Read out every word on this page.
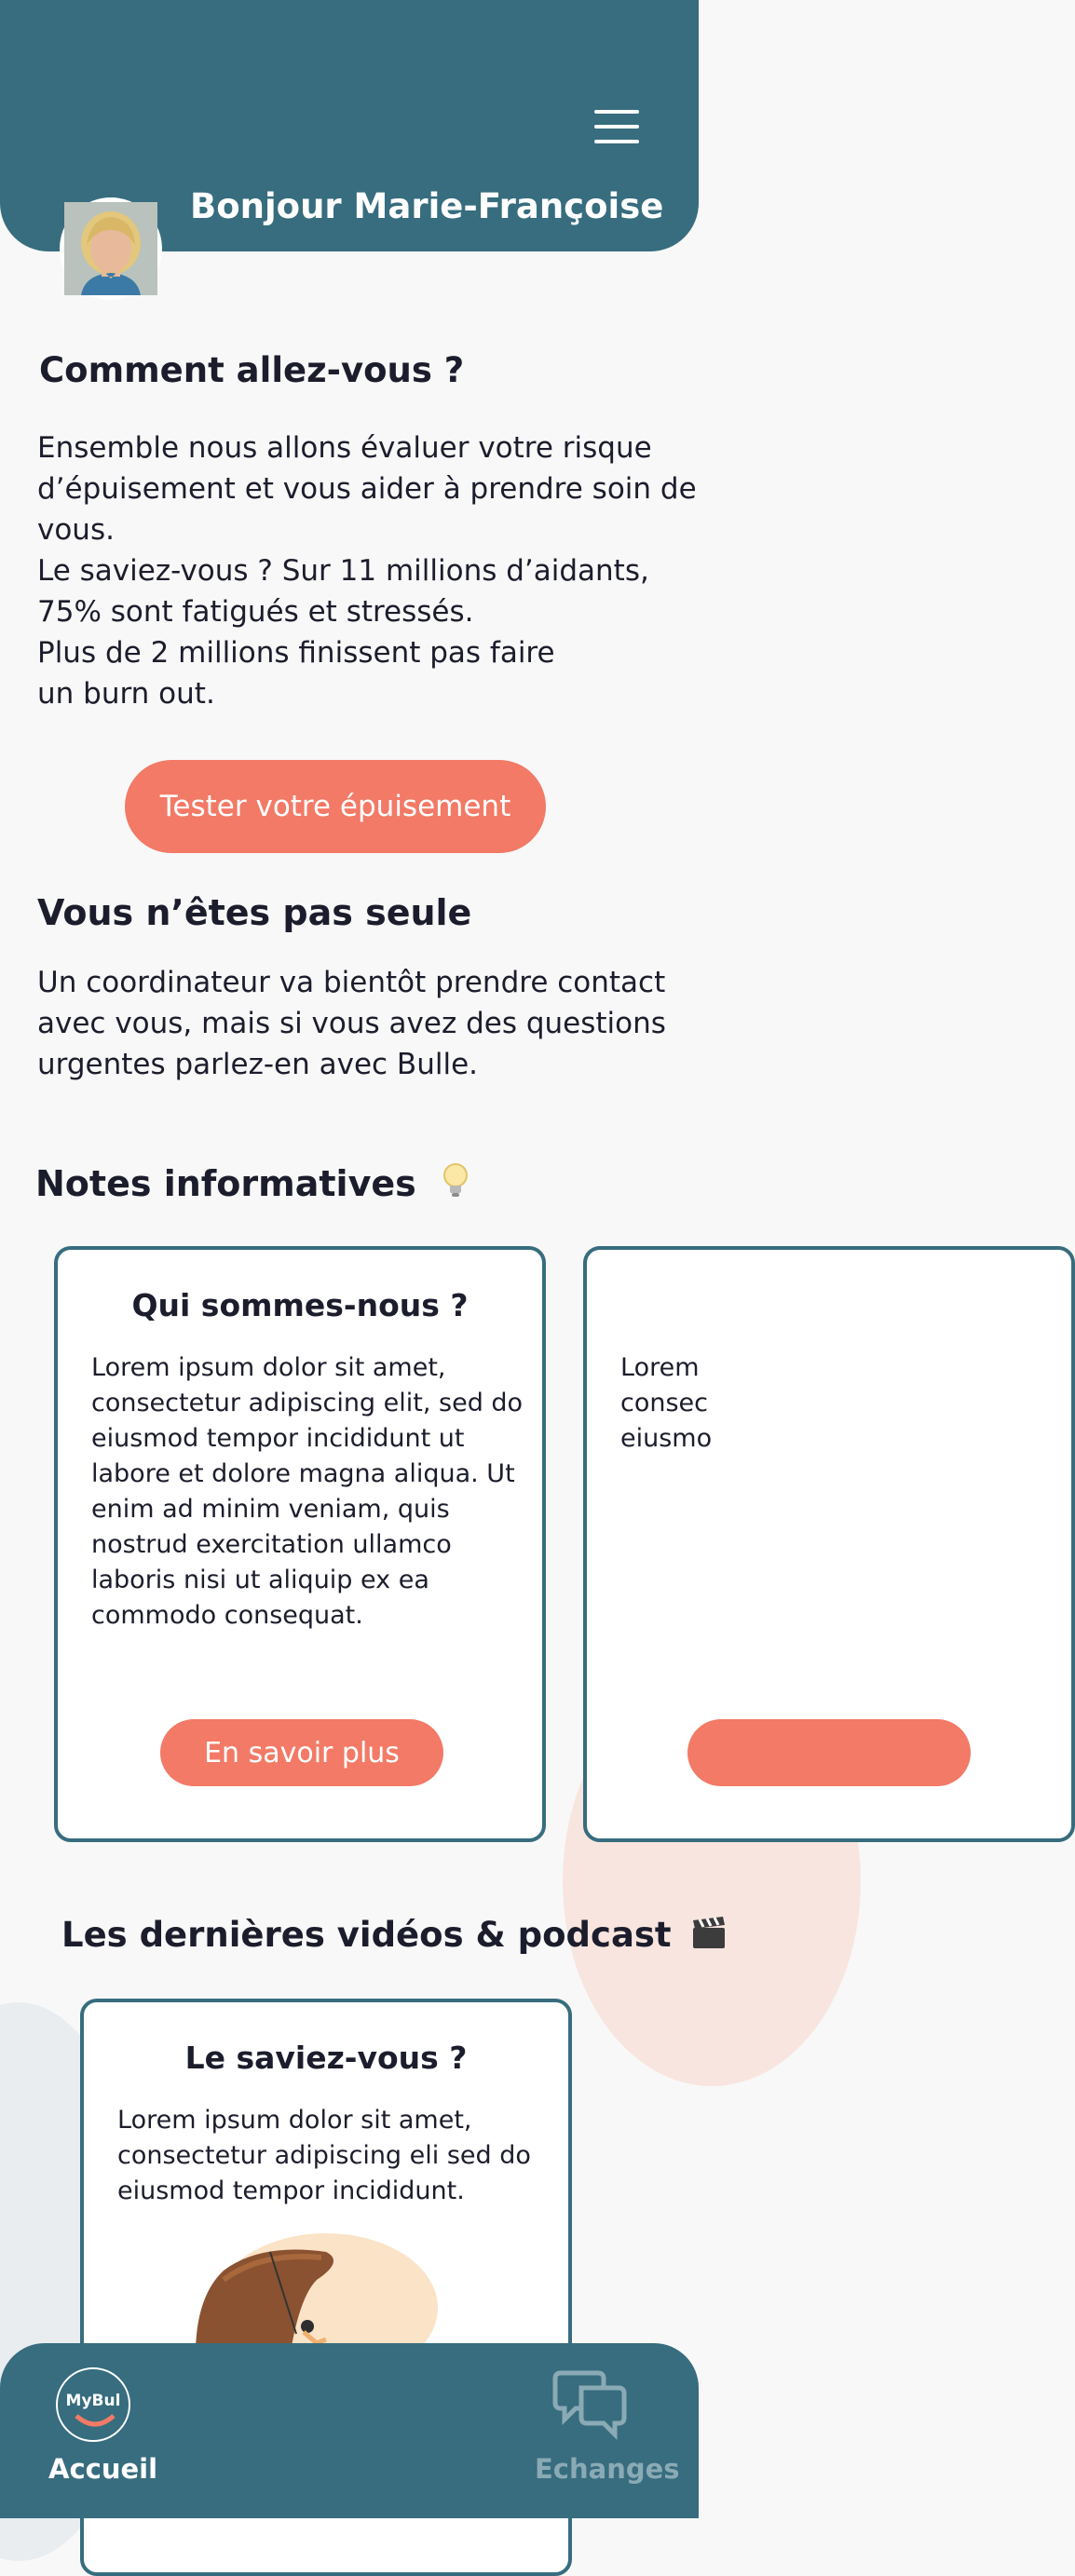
Bonjour Marie-Françoise
Comment allez-vous ?
Ensemble nous allons évaluer votre risque
d’épuisement et vous aider à prendre soin de
vous.
Le saviez-vous ? Sur 11 millions d’aidants,
75% sont fatigués et stressés.
Plus de 2 millions finissent pas faire
un burn out.
Tester votre épuisement
Vous n’êtes pas seule
Un coordinateur va bientôt prendre contact
avec vous, mais si vous avez des questions
urgentes parlez-en avec Bulle.
Notes informatives
Qui sommes-nous ?
Lorem ipsum dolor sit amet,
consectetur adipiscing elit, sed do
eiusmod tempor incididunt ut
labore et dolore magna aliqua. Ut
enim ad minim veniam, quis
nostrud exercitation ullamco
laboris nisi ut aliquip ex ea
commodo consequat.
En savoir plus
Lorem
consec
eiusmo
Les dernières vidéos & podcast
Le saviez-vous ?
Lorem ipsum dolor sit amet,
consectetur adipiscing eli sed do
eiusmod tempor incididunt.
MyBul
Accueil	Echanges
